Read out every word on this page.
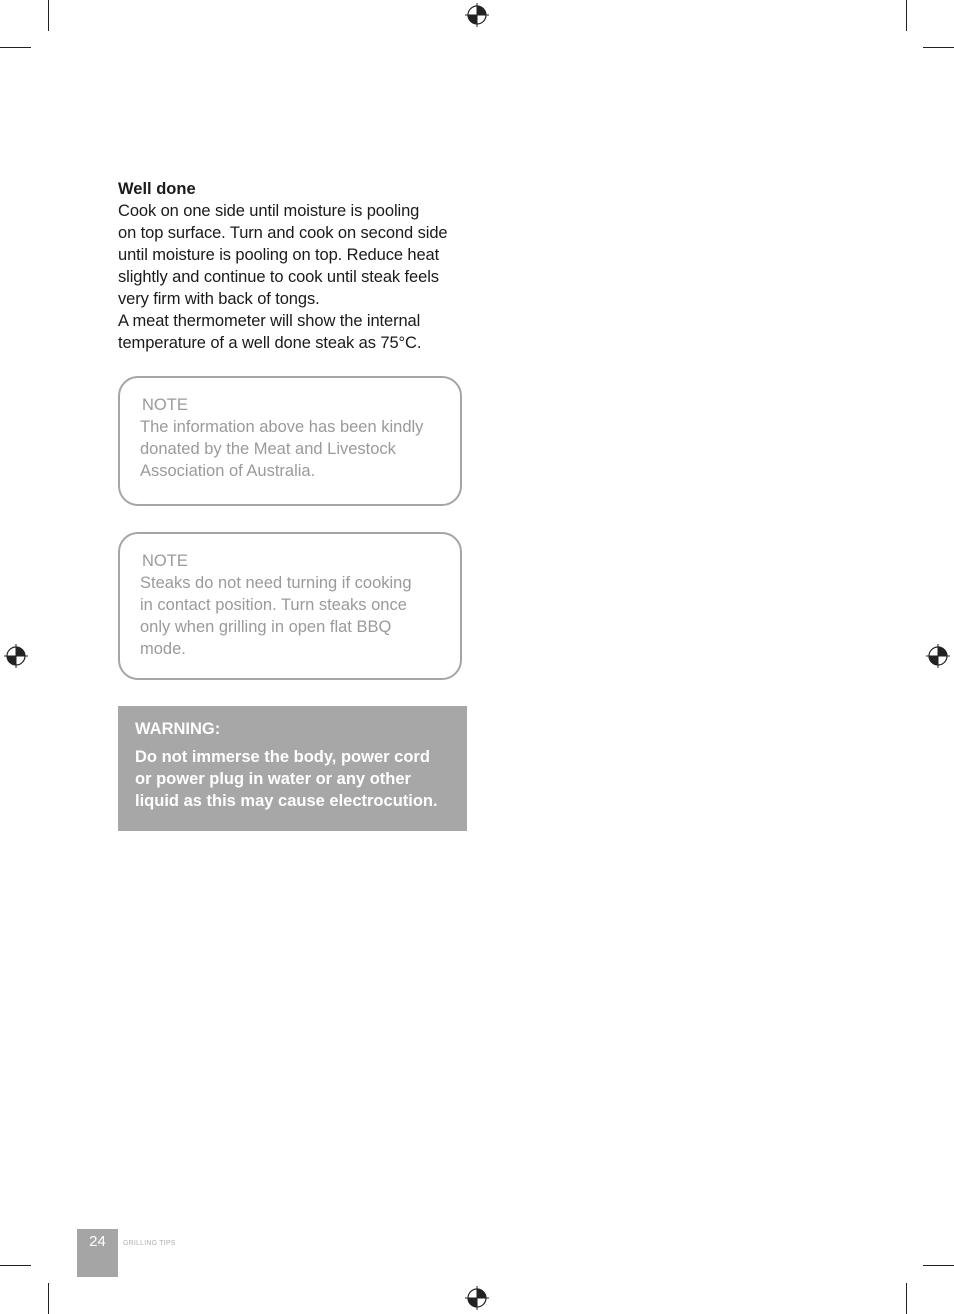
Well done

Cook on one side until moisture is pooling
on top surface. Turn and cook on second side
until moisture is pooling on top. Reduce heat
slightly and continue to cook until steak feels
very firm with back of tongs.

A meat thermometer will show the internal
temperature of a well done steak as 75°C.

NOTE
The information above has been kindly
donated by the Meat and Livestock
Association of Australia.
NOTE
Steaks do not need turning if cooking
in contact position. Turn steaks once
only when grilling in open flat BBQ
mode.
WARNING:
Do not immerse the body, power cord
or power plug in water or any other
liquid as this may cause electrocution.
24	GRILLING TIPS
